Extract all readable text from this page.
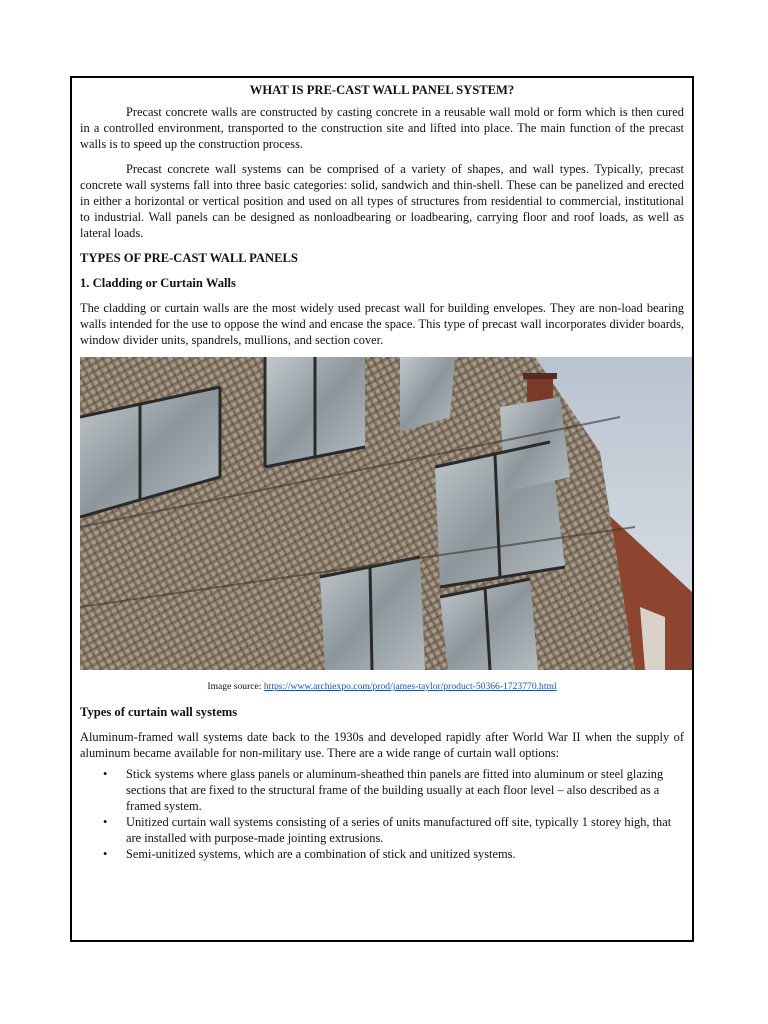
WHAT IS PRE-CAST WALL PANEL SYSTEM?

Precast concrete walls are constructed by casting concrete in a reusable wall mold or form which is then cured in a controlled environment, transported to the construction site and lifted into place. The main function of the precast walls is to speed up the construction process.

Precast concrete wall systems can be comprised of a variety of shapes, and wall types. Typically, precast concrete wall systems fall into three basic categories: solid, sandwich and thin-shell. These can be panelized and erected in either a horizontal or vertical position and used on all types of structures from residential to commercial, institutional to industrial. Wall panels can be designed as nonloadbearing or loadbearing, carrying floor and roof loads, as well as lateral loads.

TYPES OF PRE-CAST WALL PANELS
1. Cladding or Curtain Walls

The cladding or curtain walls are the most widely used precast wall for building envelopes. They are non-load bearing walls intended for the use to oppose the wind and encase the space. This type of precast wall incorporates divider boards, window divider units, spandrels, mullions, and section cover.

Image source: https://www.archiexpo.com/prod/james-taylor/product-50366-1723770.html
Types of curtain wall systems

Aluminum-framed wall systems date back to the 1930s and developed rapidly after World War II when the supply of aluminum became available for non-military use. There are a wide range of curtain wall options:

• Stick systems where glass panels or aluminum-sheathed thin panels are fitted into aluminum or steel glazing sections that are fixed to the structural frame of the building usually at each floor level – also described as a framed system.
• Unitized curtain wall systems consisting of a series of units manufactured off site, typically 1 storey high, that are installed with purpose-made jointing extrusions.
• Semi-unitized systems, which are a combination of stick and unitized systems.
